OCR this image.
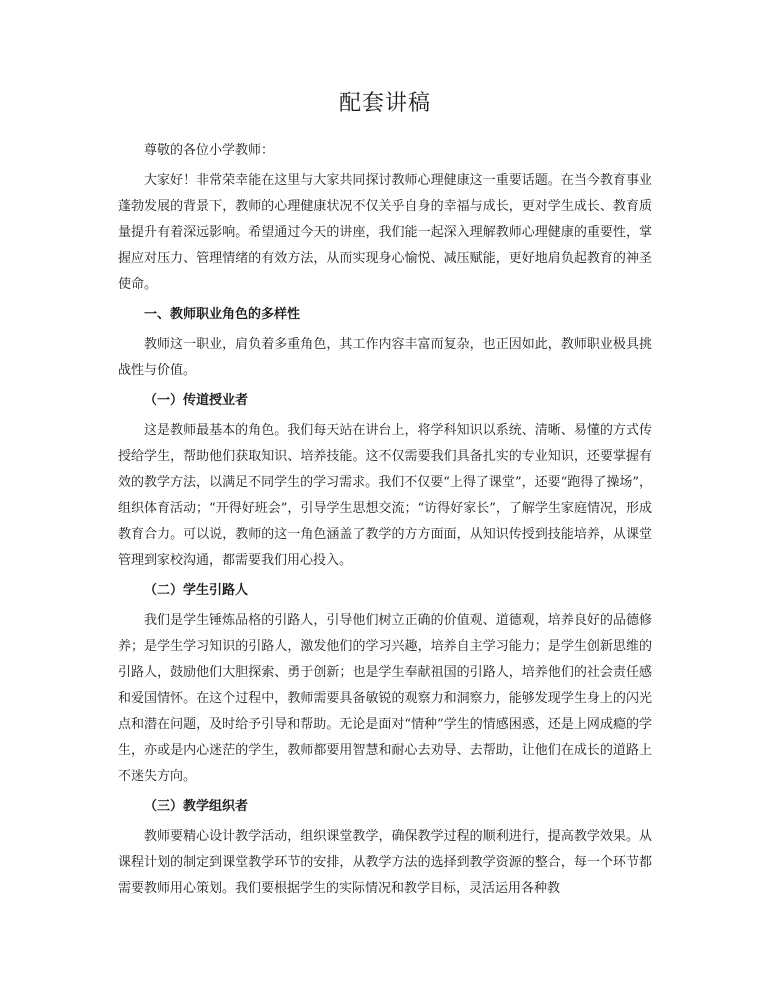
配套讲稿

尊敬的各位小学教师：

大家好！非常荣幸能在这里与大家共同探讨教师心理健康这一重要话题。在当今教育事业蓬勃发展的背景下，教师的心理健康状况不仅关乎自身的幸福与成长，更对学生成长、教育质量提升有着深远影响。希望通过今天的讲座，我们能一起深入理解教师心理健康的重要性，掌握应对压力、管理情绪的有效方法，从而实现身心愉悦、减压赋能，更好地肩负起教育的神圣使命。

一、教师职业角色的多样性

教师这一职业，肩负着多重角色，其工作内容丰富而复杂，也正因如此，教师职业极具挑战性与价值。

（一）传道授业者

这是教师最基本的角色。我们每天站在讲台上，将学科知识以系统、清晰、易懂的方式传授给学生，帮助他们获取知识、培养技能。这不仅需要我们具备扎实的专业知识，还要掌握有效的教学方法，以满足不同学生的学习需求。我们不仅要“上得了课堂”，还要“跑得了操场”，组织体育活动；“开得好班会”，引导学生思想交流；“访得好家长”，了解学生家庭情况，形成教育合力。可以说，教师的这一角色涵盖了教学的方方面面，从知识传授到技能培养，从课堂管理到家校沟通，都需要我们用心投入。

（二）学生引路人

我们是学生锤炼品格的引路人，引导他们树立正确的价值观、道德观，培养良好的品德修养；是学生学习知识的引路人，激发他们的学习兴趣，培养自主学习能力；是学生创新思维的引路人，鼓励他们大胆探索、勇于创新；也是学生奉献祖国的引路人，培养他们的社会责任感和爱国情怀。在这个过程中，教师需要具备敏锐的观察力和洞察力，能够发现学生身上的闪光点和潜在问题，及时给予引导和帮助。无论是面对“情种”学生的情感困惑，还是上网成瘾的学生，亦或是内心迷茫的学生，教师都要用智慧和耐心去劝导、去帮助，让他们在成长的道路上不迷失方向。

（三）教学组织者

教师要精心设计教学活动，组织课堂教学，确保教学过程的顺利进行，提高教学效果。从课程计划的制定到课堂教学环节的安排，从教学方法的选择到教学资源的整合，每一个环节都需要教师用心策划。我们要根据学生的实际情况和教学目标，灵活运用各种教
